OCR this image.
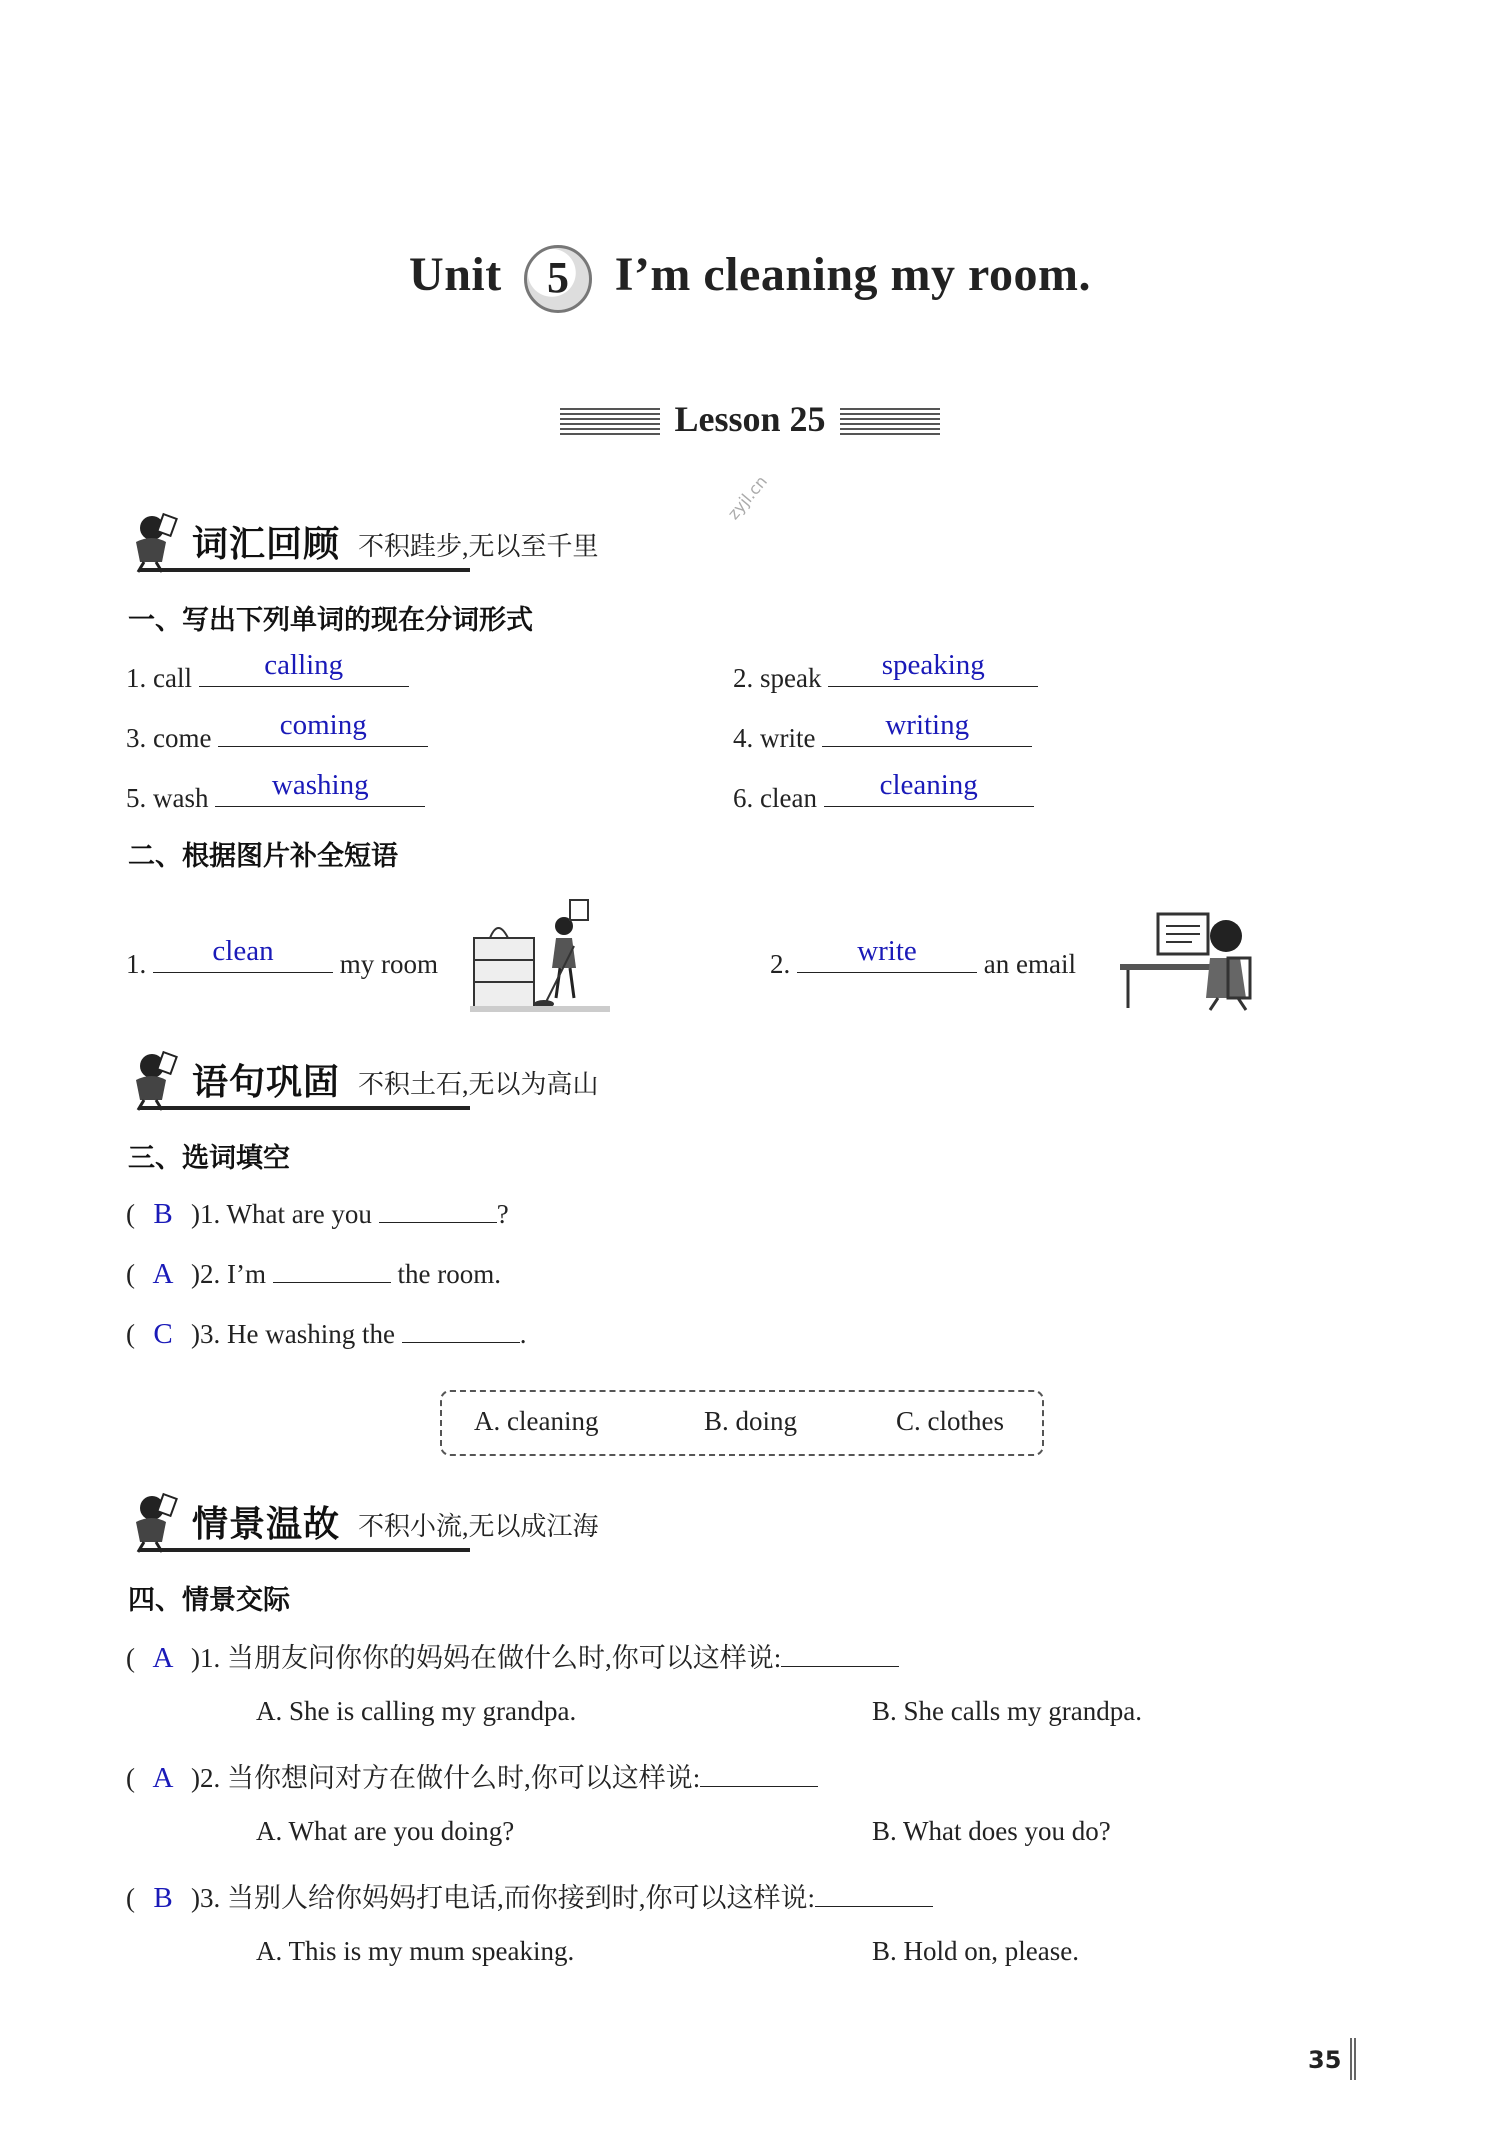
Unit	5 I’m cleaning my room.
Lesson 25
zyjl.cn
词汇回顾 不积跬步,无以至千里
一、写出下列单词的现在分词形式
1. call	calling	2. speak	speaking
3. come	coming	4. write	writing
5. wash	washing	6. clean	cleaning
二、根据图片补全短语
1.	clean	my room	2.	write	an email
语句巩固 不积土石,无以为高山
三、选词填空
( B )1. What are you	?
( A )2. I’m	the room.
( C )3. He washing the	.
A. cleaning	B. doing	C. clothes
情景温故 不积小流,无以成江海
四、情景交际
( A )1. 当朋友问你你的妈妈在做什么时,你可以这样说:
A. She is calling my grandpa.	B. She calls my grandpa.
( A )2. 当你想问对方在做什么时,你可以这样说:
A. What are you doing?	B. What does you do?
( B )3. 当别人给你妈妈打电话,而你接到时,你可以这样说:
A. This is my mum speaking.	B. Hold on, please.
35
